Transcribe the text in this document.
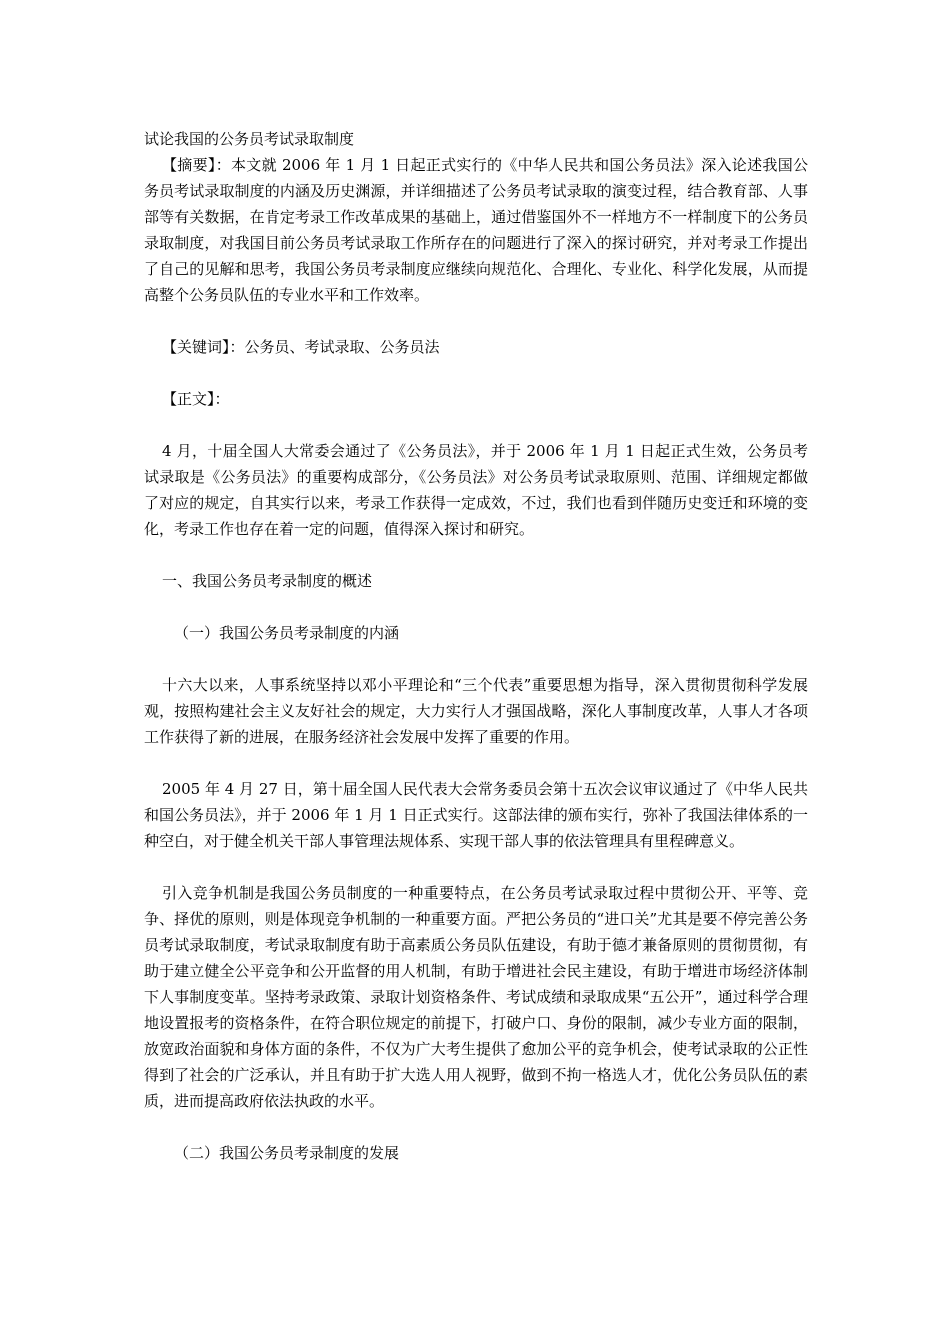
试论我国的公务员考试录取制度

【摘要】：本文就 2006 年 1 月 1 日起正式实行的《中华人民共和国公务员法》深入论述我国公务员考试录取制度的内涵及历史渊源，并详细描述了公务员考试录取的演变过程，结合教育部、人事部等有关数据，在肯定考录工作改革成果的基础上，通过借鉴国外不一样地方不一样制度下的公务员录取制度，对我国目前公务员考试录取工作所存在的问题进行了深入的探讨研究，并对考录工作提出了自己的见解和思考，我国公务员考录制度应继续向规范化、合理化、专业化、科学化发展，从而提高整个公务员队伍的专业水平和工作效率。

【关键词】：公务员、考试录取、公务员法

【正文】：

4 月，十届全国人大常委会通过了《公务员法》，并于 2006 年 1 月 1 日起正式生效，公务员考试录取是《公务员法》的重要构成部分，《公务员法》对公务员考试录取原则、范围、详细规定都做了对应的规定，自其实行以来，考录工作获得一定成效，不过，我们也看到伴随历史变迁和环境的变化，考录工作也存在着一定的问题，值得深入探讨和研究。

一、我国公务员考录制度的概述

（一）我国公务员考录制度的内涵

十六大以来，人事系统坚持以邓小平理论和“三个代表”重要思想为指导，深入贯彻贯彻科学发展观，按照构建社会主义友好社会的规定，大力实行人才强国战略，深化人事制度改革，人事人才各项工作获得了新的进展，在服务经济社会发展中发挥了重要的作用。

2005 年 4 月 27 日，第十届全国人民代表大会常务委员会第十五次会议审议通过了《中华人民共和国公务员法》，并于 2006 年 1 月 1 日正式实行。这部法律的颁布实行，弥补了我国法律体系的一种空白，对于健全机关干部人事管理法规体系、实现干部人事的依法管理具有里程碑意义。

引入竞争机制是我国公务员制度的一种重要特点，在公务员考试录取过程中贯彻公开、平等、竞争、择优的原则，则是体现竞争机制的一种重要方面。严把公务员的“进口关”尤其是要不停完善公务员考试录取制度，考试录取制度有助于高素质公务员队伍建设，有助于德才兼备原则的贯彻贯彻，有助于建立健全公平竞争和公开监督的用人机制，有助于增进社会民主建设，有助于增进市场经济体制下人事制度变革。坚持考录政策、录取计划资格条件、考试成绩和录取成果“五公开”，通过科学合理地设置报考的资格条件，在符合职位规定的前提下，打破户口、身份的限制，减少专业方面的限制，放宽政治面貌和身体方面的条件，不仅为广大考生提供了愈加公平的竞争机会，使考试录取的公正性得到了社会的广泛承认，并且有助于扩大选人用人视野，做到不拘一格选人才，优化公务员队伍的素质，进而提高政府依法执政的水平。

（二）我国公务员考录制度的发展
